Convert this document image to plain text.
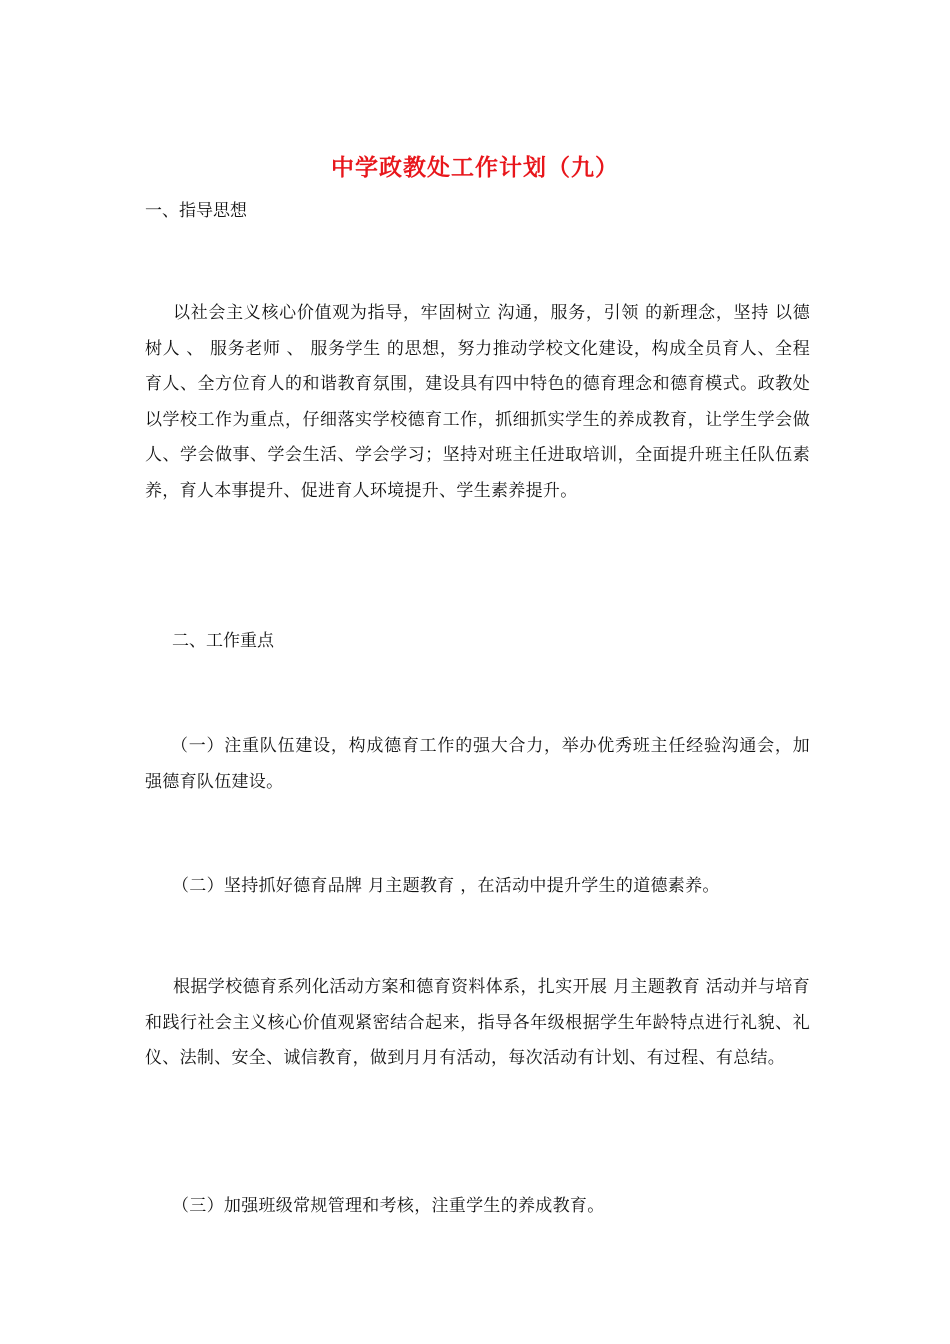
中学政教处工作计划（九）
一、指导思想
以社会主义核心价值观为指导，牢固树立 沟通，服务，引领 的新理念，坚持 以德树人 、 服务老师 、 服务学生 的思想，努力推动学校文化建设，构成全员育人、全程育人、全方位育人的和谐教育氛围，建设具有四中特色的德育理念和德育模式。政教处以学校工作为重点，仔细落实学校德育工作，抓细抓实学生的养成教育，让学生学会做人、学会做事、学会生活、学会学习；坚持对班主任进取培训，全面提升班主任队伍素养，育人本事提升、促进育人环境提升、学生素养提升。
二、工作重点
（一）注重队伍建设，构成德育工作的强大合力，举办优秀班主任经验沟通会，加强德育队伍建设。
（二）坚持抓好德育品牌 月主题教育 ，在活动中提升学生的道德素养。
根据学校德育系列化活动方案和德育资料体系，扎实开展 月主题教育 活动并与培育和践行社会主义核心价值观紧密结合起来，指导各年级根据学生年龄特点进行礼貌、礼仪、法制、安全、诚信教育，做到月月有活动，每次活动有计划、有过程、有总结。
（三）加强班级常规管理和考核，注重学生的养成教育。
